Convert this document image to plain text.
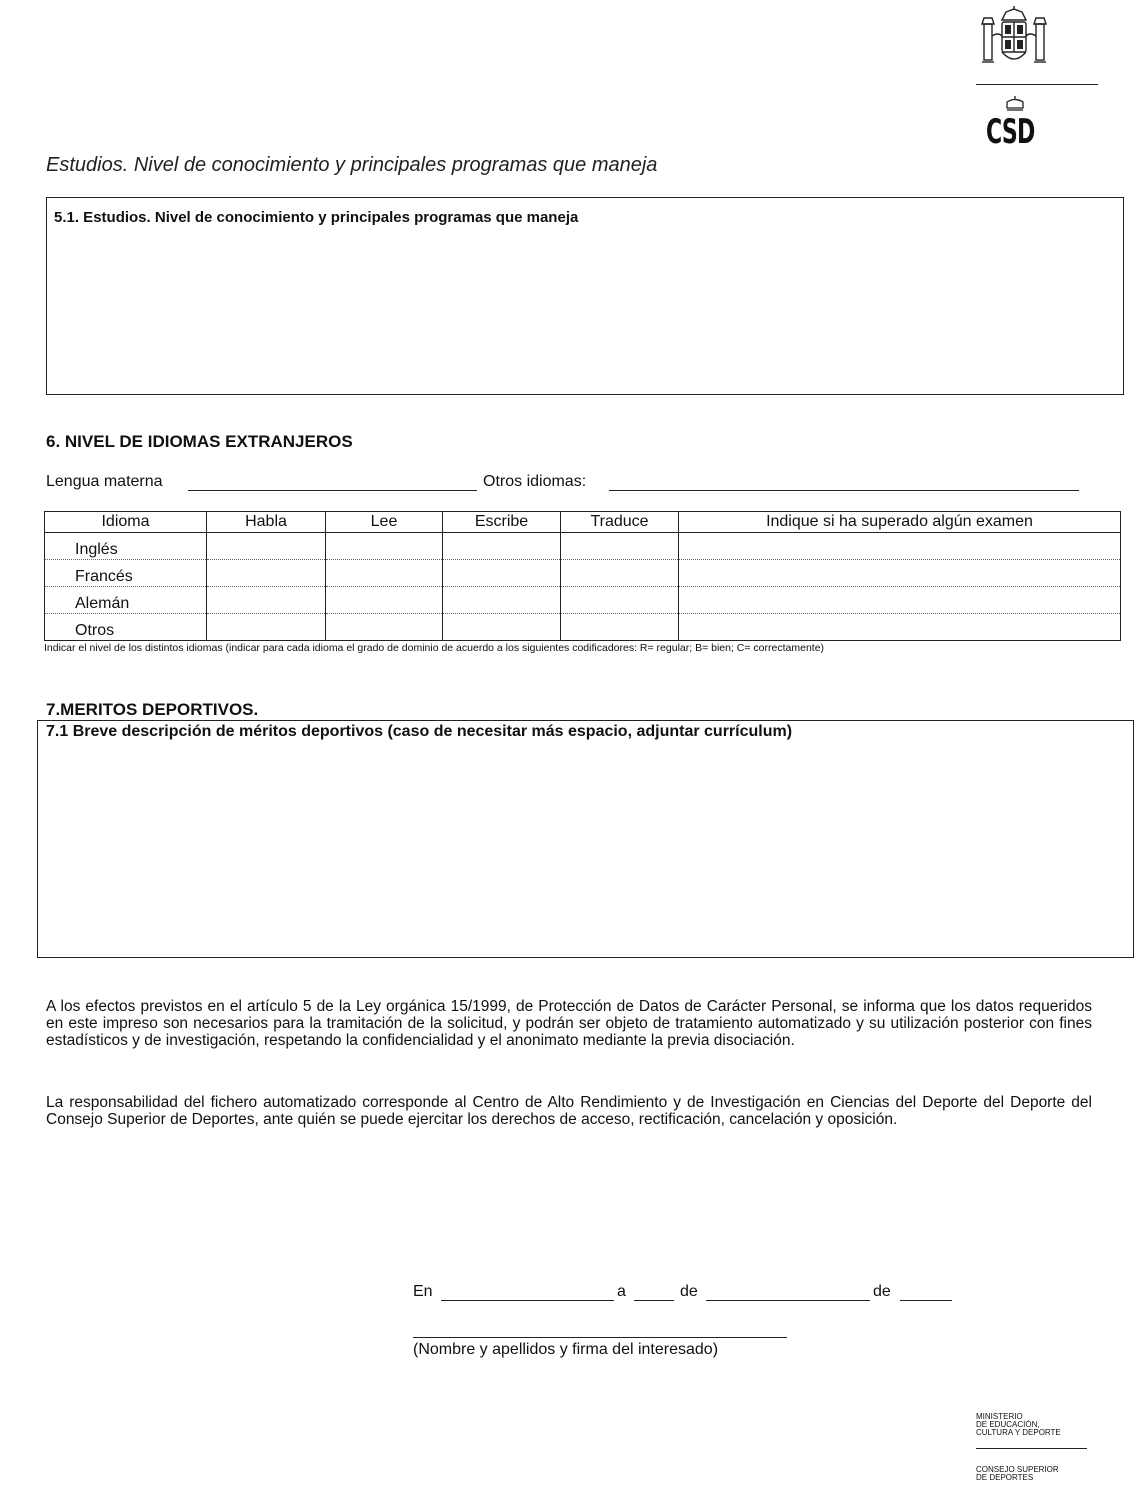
CSD
Estudios. Nivel de conocimiento y principales programas que maneja
5.1. Estudios. Nivel de conocimiento y principales programas que maneja
6. NIVEL DE IDIOMAS EXTRANJEROS
Lengua materna	Otros idiomas:
Idioma	Habla	Lee	Escribe	Traduce	Indique si ha superado algún examen
Inglés					
Francés					
Alemán					
Otros					
Indicar el nivel de los distintos idiomas (indicar para cada idioma el grado de dominio de acuerdo a los siguientes codificadores: R= regular; B= bien; C= correctamente)
7.MERITOS DEPORTIVOS.
7.1 Breve descripción de méritos deportivos (caso de necesitar más espacio, adjuntar currículum)
A los efectos previstos en el artículo 5 de la Ley orgánica 15/1999, de Protección de Datos de Carácter Personal, se informa que los datos requeridos en este impreso son necesarios para la tramitación de la solicitud, y podrán ser objeto de tratamiento automatizado y su utilización posterior con fines estadísticos y de investigación, respetando la confidencialidad y el anonimato mediante la previa disociación.
La responsabilidad del fichero automatizado corresponde al Centro de Alto Rendimiento y de Investigación en Ciencias del Deporte del Deporte del Consejo Superior de Deportes, ante quién se puede ejercitar los derechos de acceso, rectificación, cancelación y oposición.
En	a	de	de
(Nombre y apellidos y firma del interesado)
MINISTERIO
DE EDUCACIÓN,
CULTURA Y DEPORTE
CONSEJO SUPERIOR
DE DEPORTES
